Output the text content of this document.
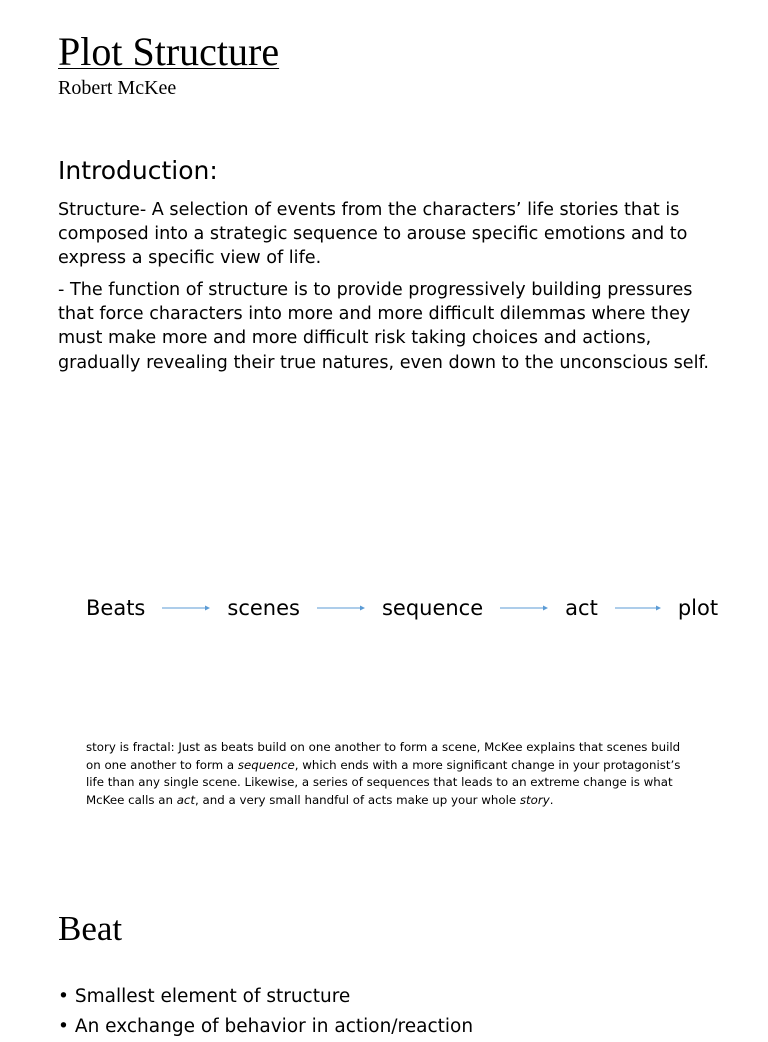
Plot Structure
Robert McKee
Introduction:

Structure- A selection of events from the characters’ life stories that is composed into a strategic sequence to arouse specific emotions and to express a specific view of life.

- The function of structure is to provide progressively building pressures that force characters into more and more difficult dilemmas where they must make more and more difficult risk taking choices and actions, gradually revealing their true natures, even down to the unconscious self.

Beats	scenes	sequence	act	plot

story is fractal: Just as beats build on one another to form a scene, McKee explains that scenes build on one another to form a sequence, which ends with a more significant change in your protagonist’s life than any single scene. Likewise, a series of sequences that leads to an extreme change is what McKee calls an act, and a very small handful of acts make up your whole story.

Beat
• Smallest element of structure
• An exchange of behavior in action/reaction
